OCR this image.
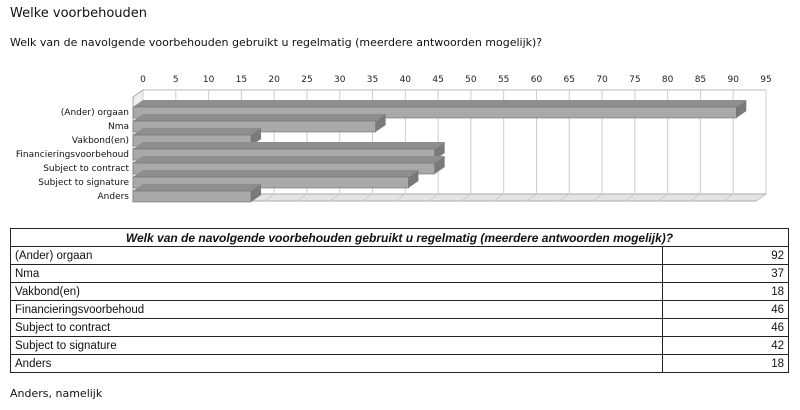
Welke voorbehouden
Welk van de navolgende voorbehouden gebruikt u regelmatig (meerdere antwoorden mogelijk)?
0	5	10 15 20 25 30 35 40 45 50 55 60 65 70 75 80 85 90 95
(Ander) orgaan
Nma
Vakbond(en)
Financieringsvoorbehoud
Subject to contract
Subject to signature
Anders
Welk van de navolgende voorbehouden gebruikt u regelmatig (meerdere antwoorden mogelijk)?	
(Ander) orgaan	92
Nma	37
Vakbond(en)	18
Financieringsvoorbehoud	46
Subject to contract	46
Subject to signature	42
Anders	18
Anders, namelijk
